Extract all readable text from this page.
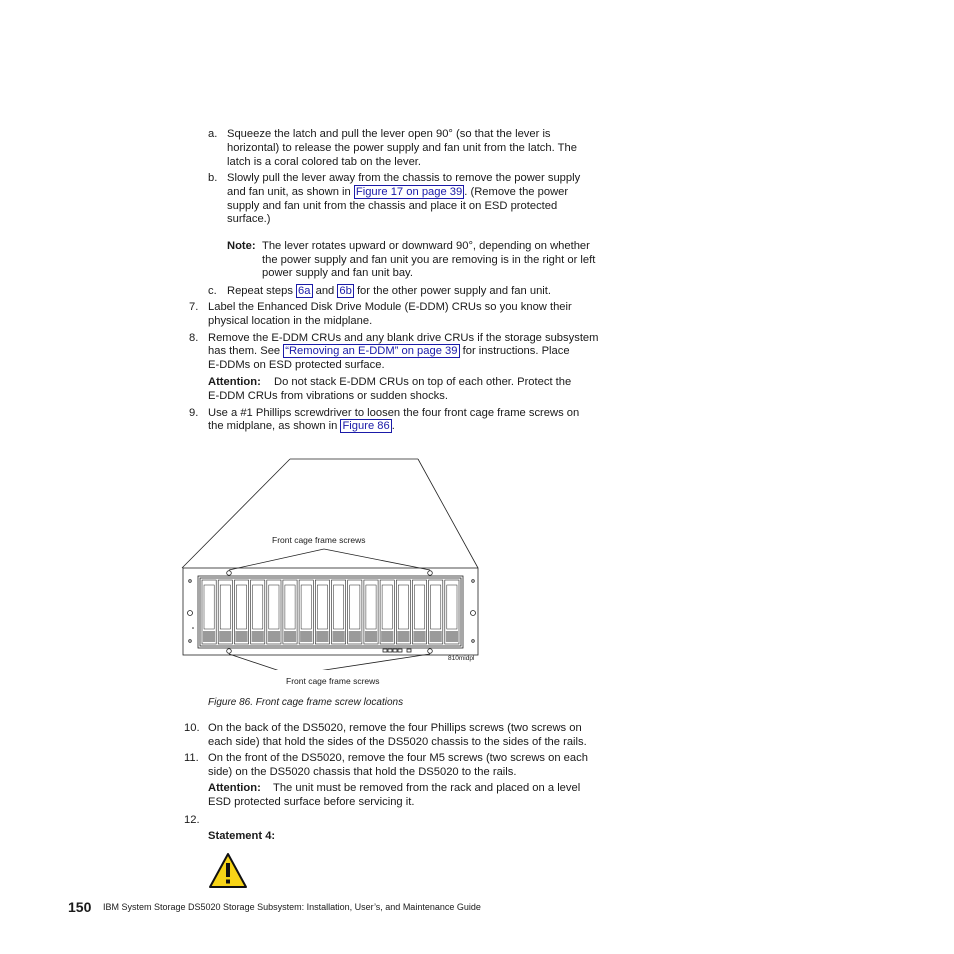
a. Squeeze the latch and pull the lever open 90° (so that the lever is
horizontal) to release the power supply and fan unit from the latch. The
latch is a coral colored tab on the lever.
b. Slowly pull the lever away from the chassis to remove the power supply
and fan unit, as shown in Figure 17 on page 39 . (Remove the power
supply and fan unit from the chassis and place it on ESD protected
surface.)
Note: The lever rotates upward or downward 90°, depending on whether
the power supply and fan unit you are removing is in the right or left
power supply and fan unit bay.
c. Repeat steps 6a and 6b for the other power supply and fan unit.
7. Label the Enhanced Disk Drive Module (E-DDM) CRUs so you know their
physical location in the midplane.
8. Remove the E-DDM CRUs and any blank drive CRUs if the storage subsystem
has them. See “Removing an E-DDM” on page 39 for instructions. Place
E-DDMs on ESD protected surface.
Attention: Do not stack E-DDM CRUs on top of each other. Protect the
E-DDM CRUs from vibrations or sudden shocks.
9. Use a #1 Phillips screwdriver to loosen the four front cage frame screws on
the midplane, as shown in Figure 86 .
Front cage frame screws
Front cage frame screws
810midpl
Figure 86. Front cage frame screw locations
10. On the back of the DS5020, remove the four Phillips screws (two screws on
each side) that hold the sides of the DS5020 chassis to the sides of the rails.
11. On the front of the DS5020, remove the four M5 screws (two screws on each
side) on the DS5020 chassis that hold the DS5020 to the rails.
Attention: The unit must be removed from the rack and placed on a level
ESD protected surface before servicing it.
12.
Statement 4:
150 IBM System Storage DS5020 Storage Subsystem: Installation, User’s, and Maintenance Guide
